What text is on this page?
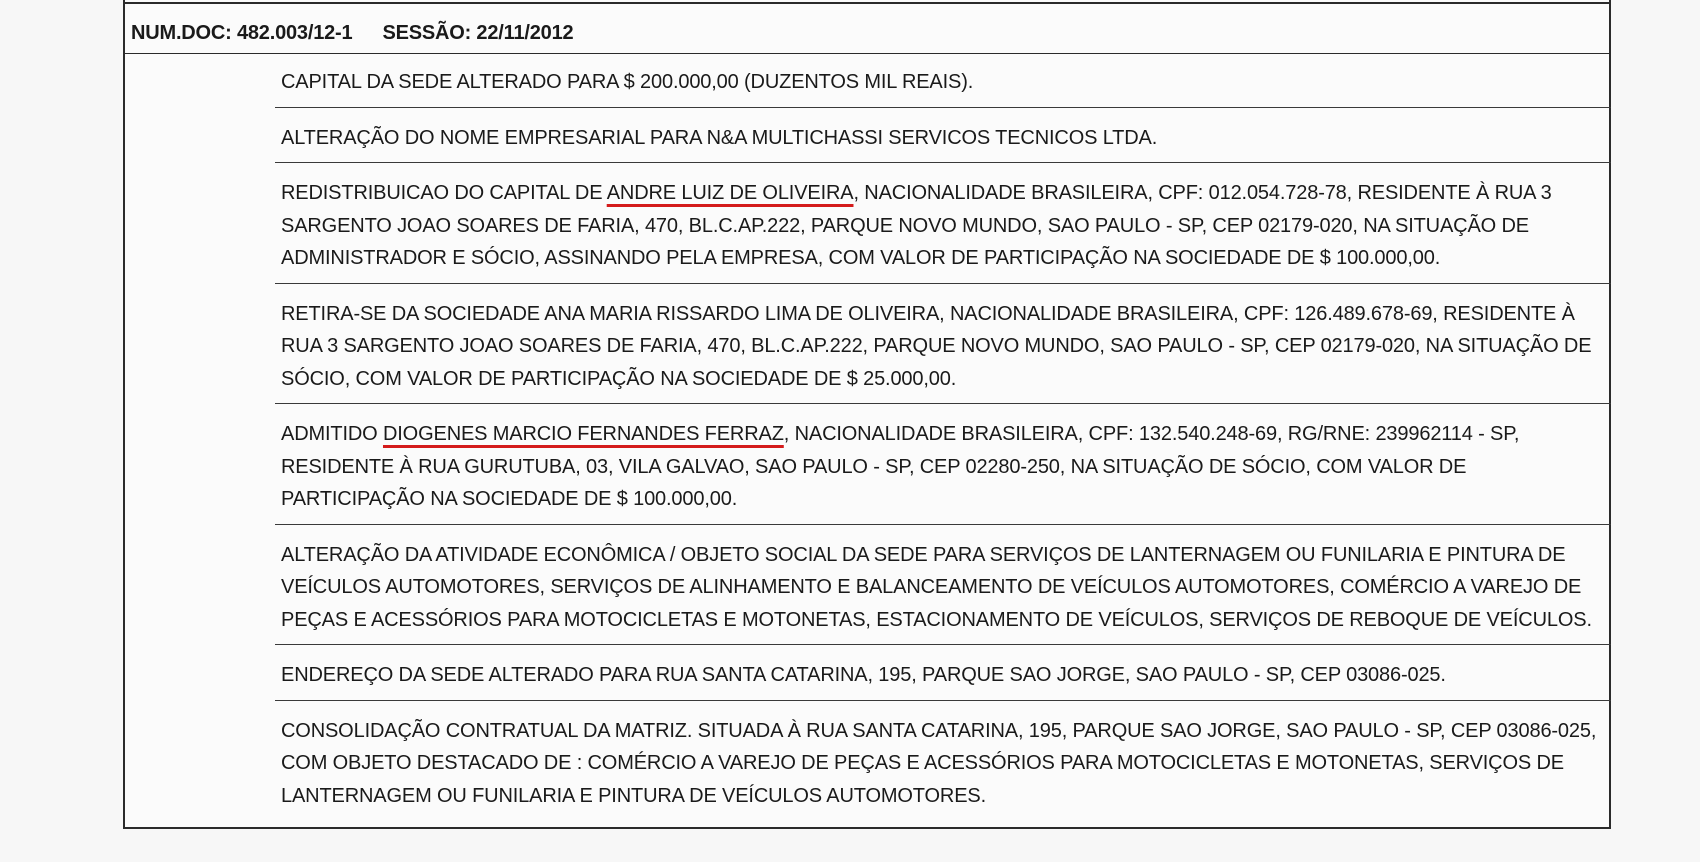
NUM.DOC: 482.003/12-1 SESSÃO: 22/11/2012

CAPITAL DA SEDE ALTERADO PARA $ 200.000,00 (DUZENTOS MIL REAIS).

ALTERAÇÃO DO NOME EMPRESARIAL PARA N&A MULTICHASSI SERVICOS TECNICOS LTDA.

REDISTRIBUICAO DO CAPITAL DE ANDRE LUIZ DE OLIVEIRA, NACIONALIDADE BRASILEIRA, CPF: 012.054.728-78, RESIDENTE À RUA 3 SARGENTO JOAO SOARES DE FARIA, 470, BL.C.AP.222, PARQUE NOVO MUNDO, SAO PAULO - SP, CEP 02179-020, NA SITUAÇÃO DE ADMINISTRADOR E SÓCIO, ASSINANDO PELA EMPRESA, COM VALOR DE PARTICIPAÇÃO NA SOCIEDADE DE $ 100.000,00.

RETIRA-SE DA SOCIEDADE ANA MARIA RISSARDO LIMA DE OLIVEIRA, NACIONALIDADE BRASILEIRA, CPF: 126.489.678-69, RESIDENTE À RUA 3 SARGENTO JOAO SOARES DE FARIA, 470, BL.C.AP.222, PARQUE NOVO MUNDO, SAO PAULO - SP, CEP 02179-020, NA SITUAÇÃO DE SÓCIO, COM VALOR DE PARTICIPAÇÃO NA SOCIEDADE DE $ 25.000,00.

ADMITIDO DIOGENES MARCIO FERNANDES FERRAZ, NACIONALIDADE BRASILEIRA, CPF: 132.540.248-69, RG/RNE: 239962114 - SP, RESIDENTE À RUA GURUTUBA, 03, VILA GALVAO, SAO PAULO - SP, CEP 02280-250, NA SITUAÇÃO DE SÓCIO, COM VALOR DE PARTICIPAÇÃO NA SOCIEDADE DE $ 100.000,00.

ALTERAÇÃO DA ATIVIDADE ECONÔMICA / OBJETO SOCIAL DA SEDE PARA SERVIÇOS DE LANTERNAGEM OU FUNILARIA E PINTURA DE VEÍCULOS AUTOMOTORES, SERVIÇOS DE ALINHAMENTO E BALANCEAMENTO DE VEÍCULOS AUTOMOTORES, COMÉRCIO A VAREJO DE PEÇAS E ACESSÓRIOS PARA MOTOCICLETAS E MOTONETAS, ESTACIONAMENTO DE VEÍCULOS, SERVIÇOS DE REBOQUE DE VEÍCULOS.

ENDEREÇO DA SEDE ALTERADO PARA RUA SANTA CATARINA, 195, PARQUE SAO JORGE, SAO PAULO - SP, CEP 03086-025.

CONSOLIDAÇÃO CONTRATUAL DA MATRIZ. SITUADA À RUA SANTA CATARINA, 195, PARQUE SAO JORGE, SAO PAULO - SP, CEP 03086-025, COM OBJETO DESTACADO DE : COMÉRCIO A VAREJO DE PEÇAS E ACESSÓRIOS PARA MOTOCICLETAS E MOTONETAS, SERVIÇOS DE LANTERNAGEM OU FUNILARIA E PINTURA DE VEÍCULOS AUTOMOTORES.
